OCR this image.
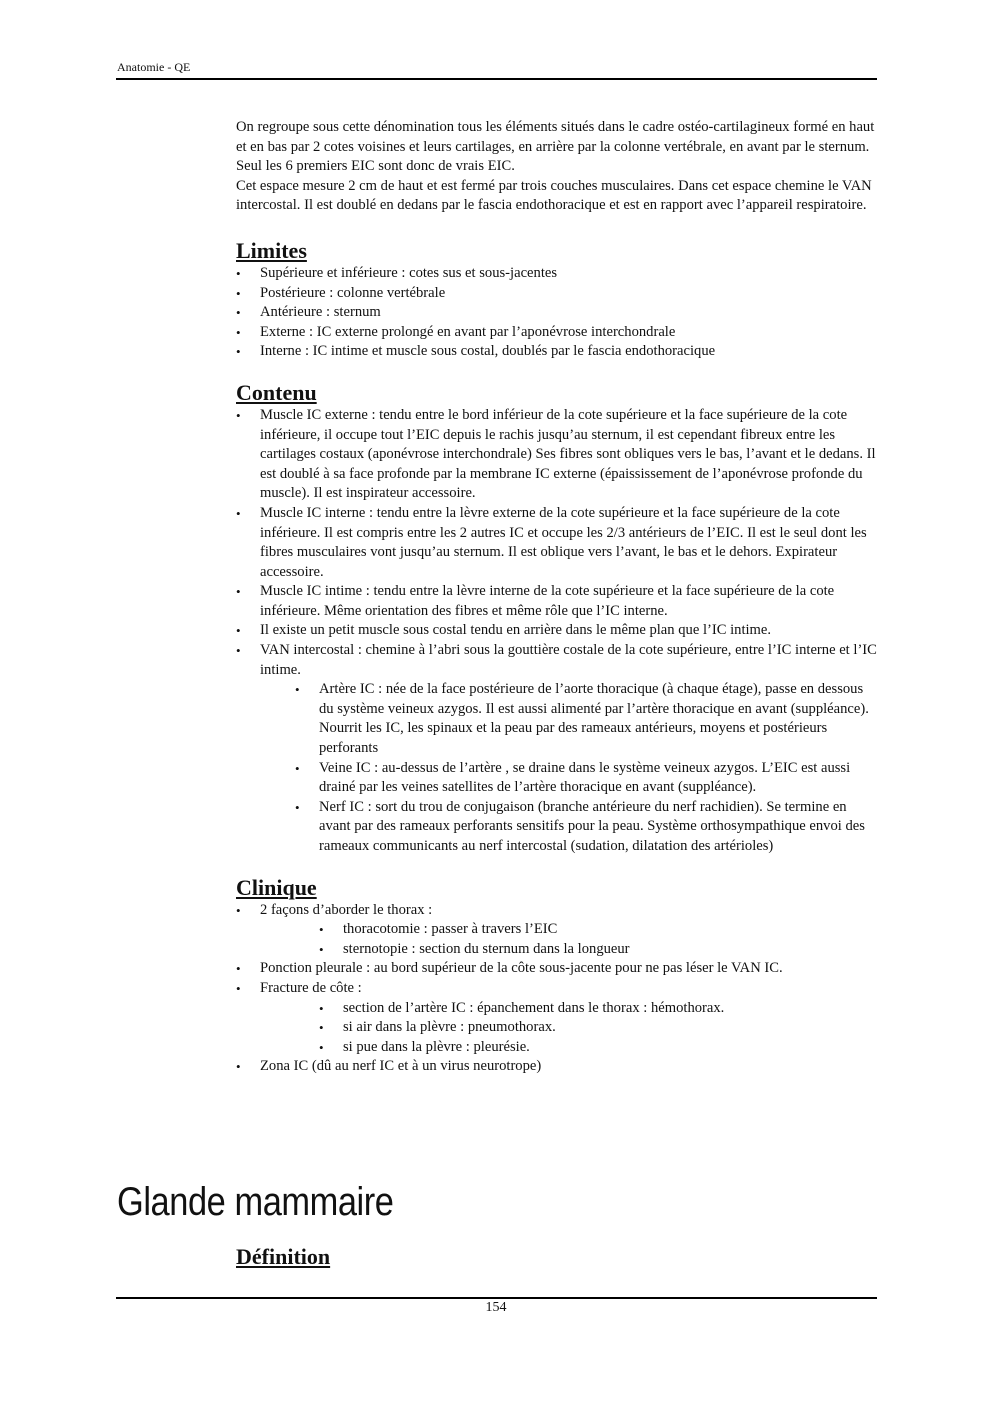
Anatomie - QE

On regroupe sous cette dénomination tous les éléments situés dans le cadre ostéo-cartilagineux formé en haut et en bas par 2 cotes voisines et leurs cartilages, en arrière par la colonne vertébrale, en avant par le sternum. Seul les 6 premiers EIC sont donc de vrais EIC.

Cet espace mesure 2 cm de haut et est fermé par trois couches musculaires. Dans cet espace chemine le VAN intercostal. Il est doublé en dedans par le fascia endothoracique et est en rapport avec l’appareil respiratoire.

Limites
•	Supérieure et inférieure : cotes sus et sous-jacentes
•	Postérieure : colonne vertébrale
•	Antérieure : sternum
•	Externe : IC externe prolongé en avant par l’aponévrose interchondrale
•	Interne : IC intime et muscle sous costal, doublés par le fascia endothoracique
Contenu
•	Muscle IC externe : tendu entre le bord inférieur de la cote supérieure et la face supérieure de la cote inférieure, il occupe tout l’EIC depuis le rachis jusqu’au sternum, il est cependant fibreux entre les cartilages costaux (aponévrose interchondrale) Ses fibres sont obliques vers le bas, l’avant et le dedans. Il est doublé à sa face profonde par la membrane IC externe (épaississement de l’aponévrose profonde du muscle). Il est inspirateur accessoire.
•	Muscle IC interne : tendu entre la lèvre externe de la cote supérieure et la face supérieure de la cote inférieure. Il est compris entre les 2 autres IC et occupe les 2/3 antérieurs de l’EIC. Il est le seul dont les fibres musculaires vont jusqu’au sternum. Il est oblique vers l’avant, le bas et le dehors. Expirateur accessoire.
•	Muscle IC intime : tendu entre la lèvre interne de la cote supérieure et la face supérieure de la cote inférieure. Même orientation des fibres et même rôle que l’IC interne.
•	Il existe un petit muscle sous costal tendu en arrière dans le même plan que l’IC intime.
•	VAN intercostal : chemine à l’abri sous la gouttière costale de la cote supérieure, entre l’IC interne et l’IC intime.
•	Artère IC : née de la face postérieure de l’aorte thoracique (à chaque étage), passe en dessous du système veineux azygos. Il est aussi alimenté par l’artère thoracique en avant (suppléance). Nourrit les IC, les spinaux et la peau par des rameaux antérieurs, moyens et postérieurs perforants
•	Veine IC : au-dessus de l’artère , se draine dans le système veineux azygos. L’EIC est aussi drainé par les veines satellites de l’artère thoracique en avant (suppléance).
•	Nerf IC : sort du trou de conjugaison (branche antérieure du nerf rachidien). Se termine en avant par des rameaux perforants sensitifs pour la peau. Système orthosympathique envoi des rameaux communicants au nerf intercostal (sudation, dilatation des artérioles)
Clinique
•	2 façons d’aborder le thorax :
•	thoracotomie : passer à travers l’EIC
•	sternotopie : section du sternum dans la longueur
•	Ponction pleurale : au bord supérieur de la côte sous-jacente pour ne pas léser le VAN IC.
•	Fracture de côte :
•	section de l’artère IC : épanchement dans le thorax : hémothorax.
•	si air dans la plèvre : pneumothorax.
•	si pue dans la plèvre : pleurésie.
•	Zona IC (dû au nerf IC et à un virus neurotrope)
Glande mammaire
Définition
154
